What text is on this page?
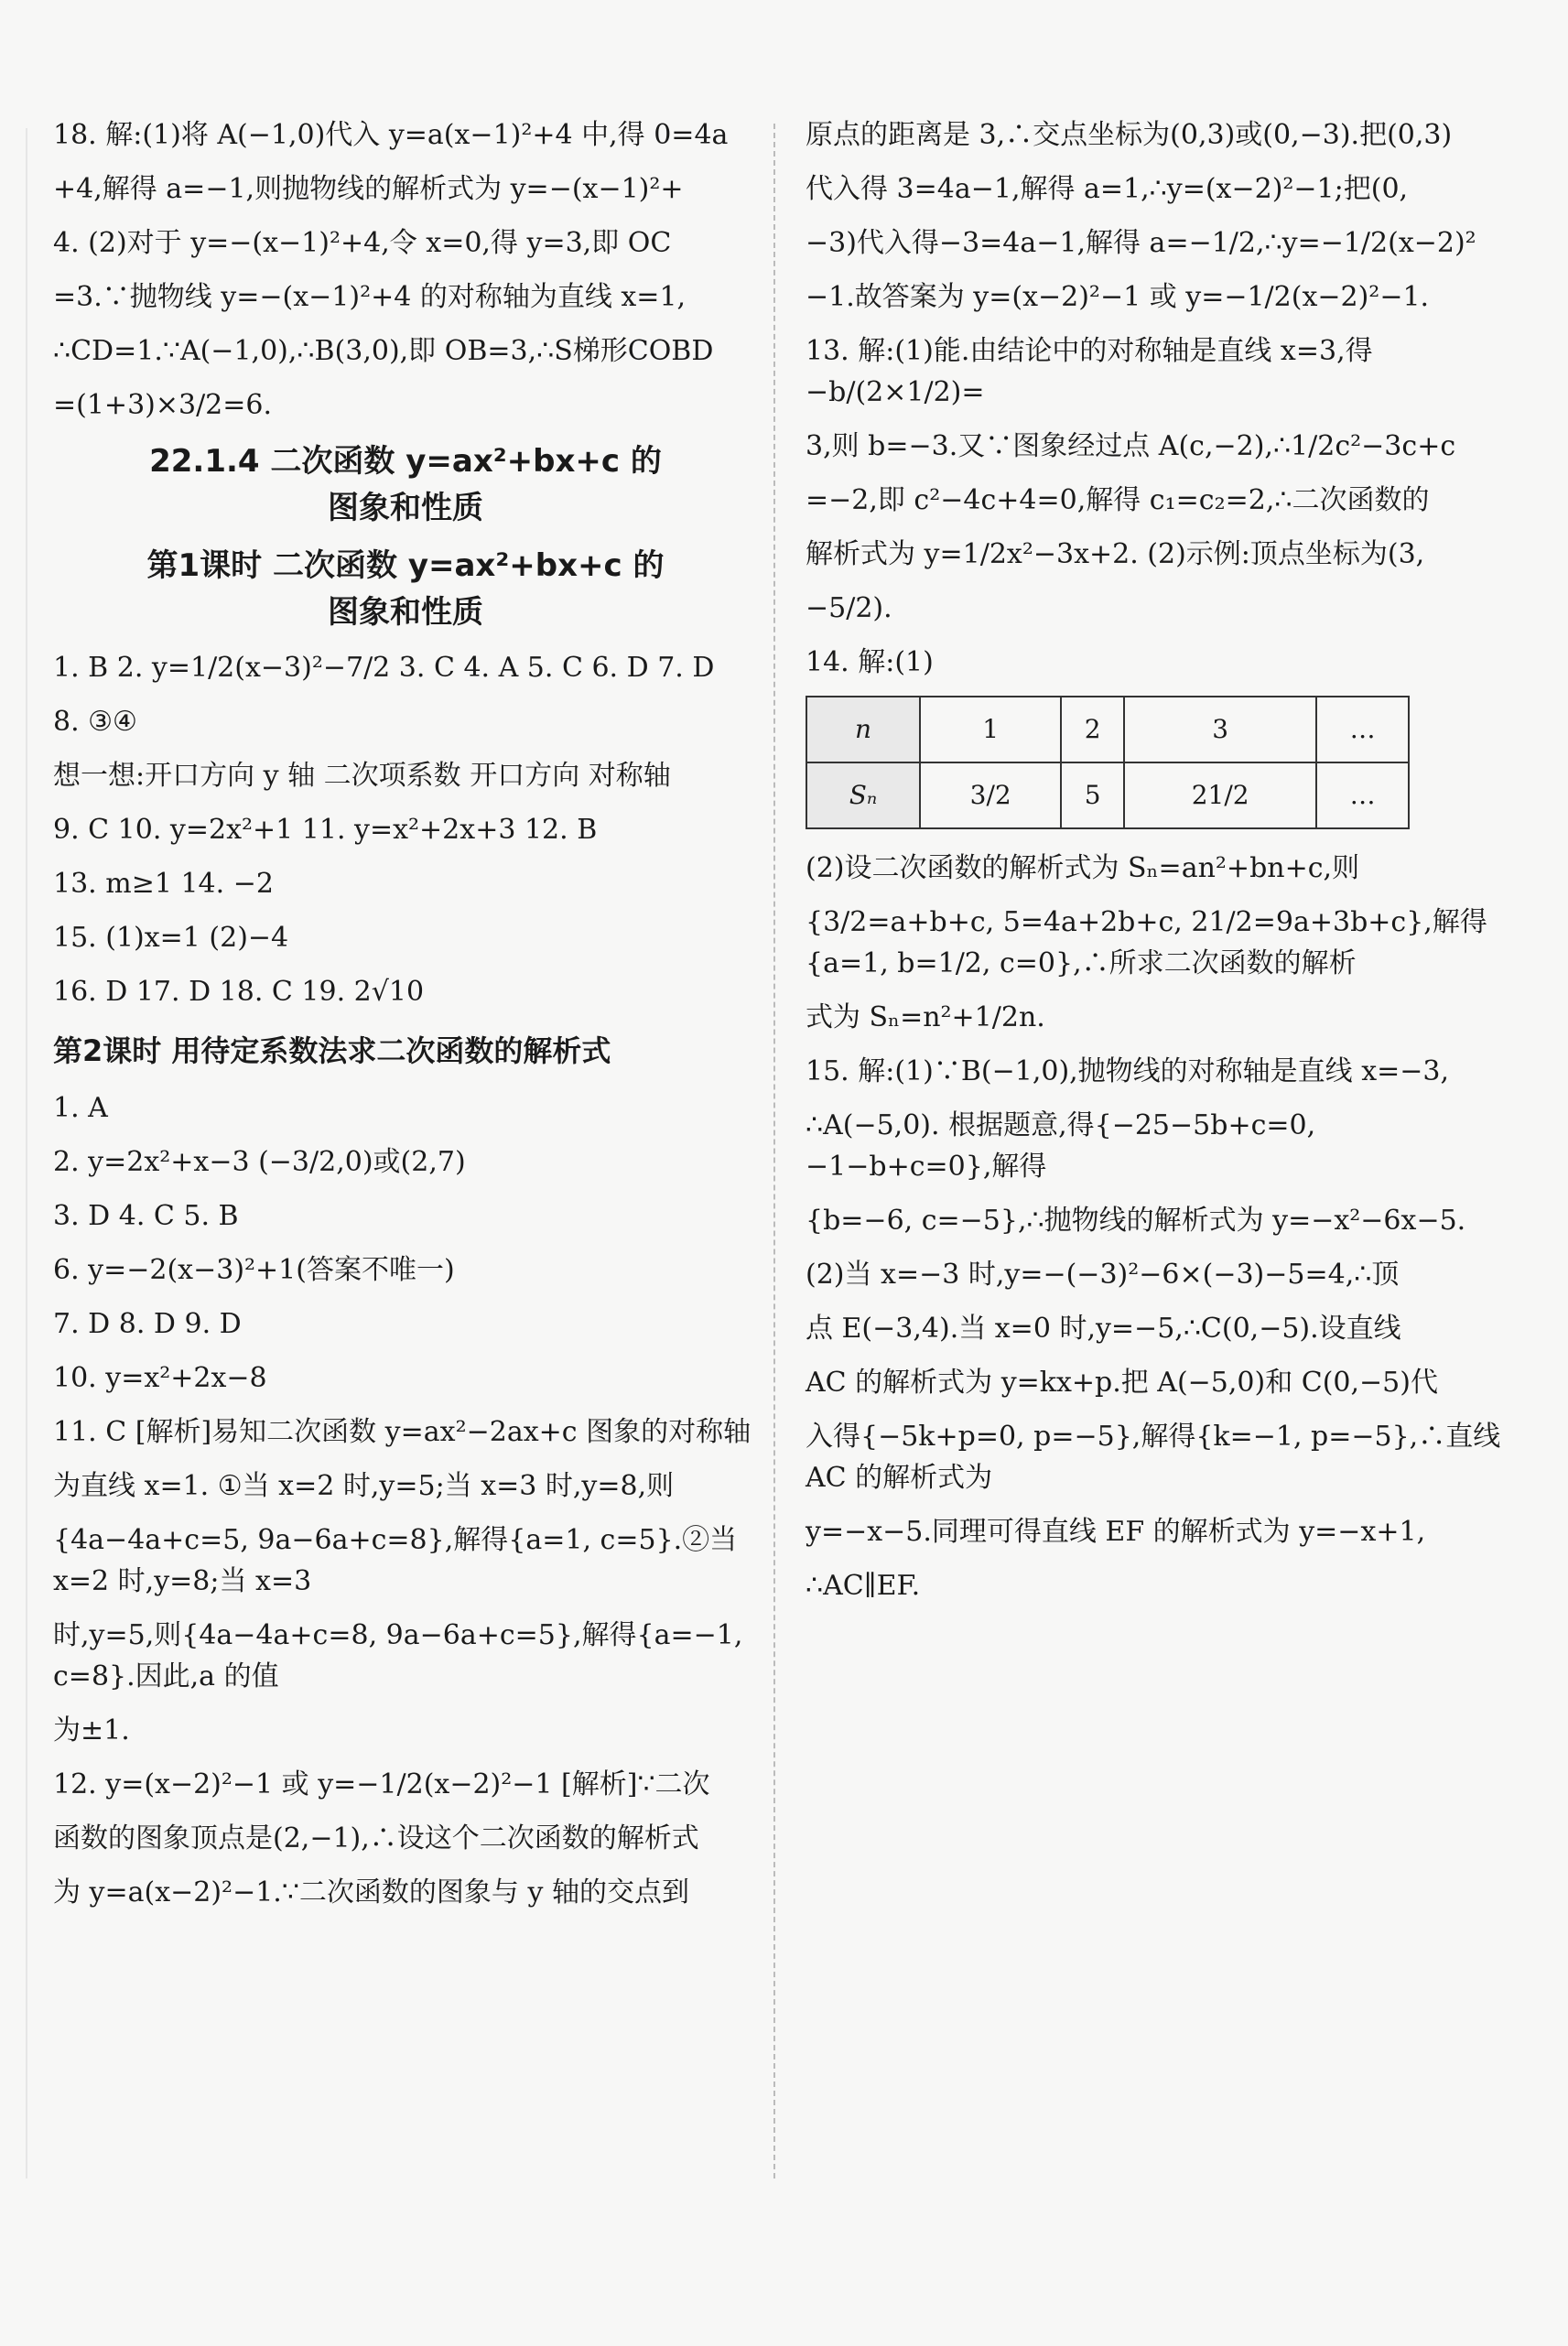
18. 解:(1)将 A(−1,0)代入 y=a(x−1)²+4 中,得 0=4a

+4,解得 a=−1,则抛物线的解析式为 y=−(x−1)²+

4. (2)对于 y=−(x−1)²+4,令 x=0,得 y=3,即 OC

=3.∵抛物线 y=−(x−1)²+4 的对称轴为直线 x=1,

∴CD=1.∵A(−1,0),∴B(3,0),即 OB=3,∴S梯形COBD

=(1+3)×3/2=6.

22.1.4 二次函数 y=ax²+bx+c 的
图象和性质
第1课时 二次函数 y=ax²+bx+c 的
图象和性质

1. B 2. y=1/2(x−3)²−7/2 3. C 4. A 5. C 6. D 7. D

8. ③④

想一想:开口方向 y 轴 二次项系数 开口方向 对称轴

9. C 10. y=2x²+1 11. y=x²+2x+3 12. B

13. m≥1 14. −2

15. (1)x=1 (2)−4

16. D 17. D 18. C 19. 2√10

第2课时 用待定系数法求二次函数的解析式

1. A

2. y=2x²+x−3 (−3/2,0)或(2,7)

3. D 4. C 5. B

6. y=−2(x−3)²+1(答案不唯一)

7. D 8. D 9. D

10. y=x²+2x−8

11. C [解析]易知二次函数 y=ax²−2ax+c 图象的对称轴

为直线 x=1. ①当 x=2 时,y=5;当 x=3 时,y=8,则

{4a−4a+c=5, 9a−6a+c=8},解得{a=1, c=5}.②当 x=2 时,y=8;当 x=3

时,y=5,则{4a−4a+c=8, 9a−6a+c=5},解得{a=−1, c=8}.因此,a 的值

为±1.

12. y=(x−2)²−1 或 y=−1/2(x−2)²−1 [解析]∵二次

函数的图象顶点是(2,−1),∴设这个二次函数的解析式

为 y=a(x−2)²−1.∵二次函数的图象与 y 轴的交点到

原点的距离是 3,∴交点坐标为(0,3)或(0,−3).把(0,3)

代入得 3=4a−1,解得 a=1,∴y=(x−2)²−1;把(0,

−3)代入得−3=4a−1,解得 a=−1/2,∴y=−1/2(x−2)²

−1.故答案为 y=(x−2)²−1 或 y=−1/2(x−2)²−1.

13. 解:(1)能.由结论中的对称轴是直线 x=3,得 −b/(2×1/2)=

3,则 b=−3.又∵图象经过点 A(c,−2),∴1/2c²−3c+c

=−2,即 c²−4c+4=0,解得 c₁=c₂=2,∴二次函数的

解析式为 y=1/2x²−3x+2. (2)示例:顶点坐标为(3,

−5/2).

14. 解:(1)

n	1	2	3	…
Sₙ	3/2	5	21/2	…

(2)设二次函数的解析式为 Sₙ=an²+bn+c,则

{3/2=a+b+c, 5=4a+2b+c, 21/2=9a+3b+c},解得{a=1, b=1/2, c=0},∴所求二次函数的解析

式为 Sₙ=n²+1/2n.

15. 解:(1)∵B(−1,0),抛物线的对称轴是直线 x=−3,

∴A(−5,0). 根据题意,得{−25−5b+c=0, −1−b+c=0},解得

{b=−6, c=−5},∴抛物线的解析式为 y=−x²−6x−5.

(2)当 x=−3 时,y=−(−3)²−6×(−3)−5=4,∴顶

点 E(−3,4).当 x=0 时,y=−5,∴C(0,−5).设直线

AC 的解析式为 y=kx+p.把 A(−5,0)和 C(0,−5)代

入得{−5k+p=0, p=−5},解得{k=−1, p=−5},∴直线 AC 的解析式为

y=−x−5.同理可得直线 EF 的解析式为 y=−x+1,

∴AC∥EF.
